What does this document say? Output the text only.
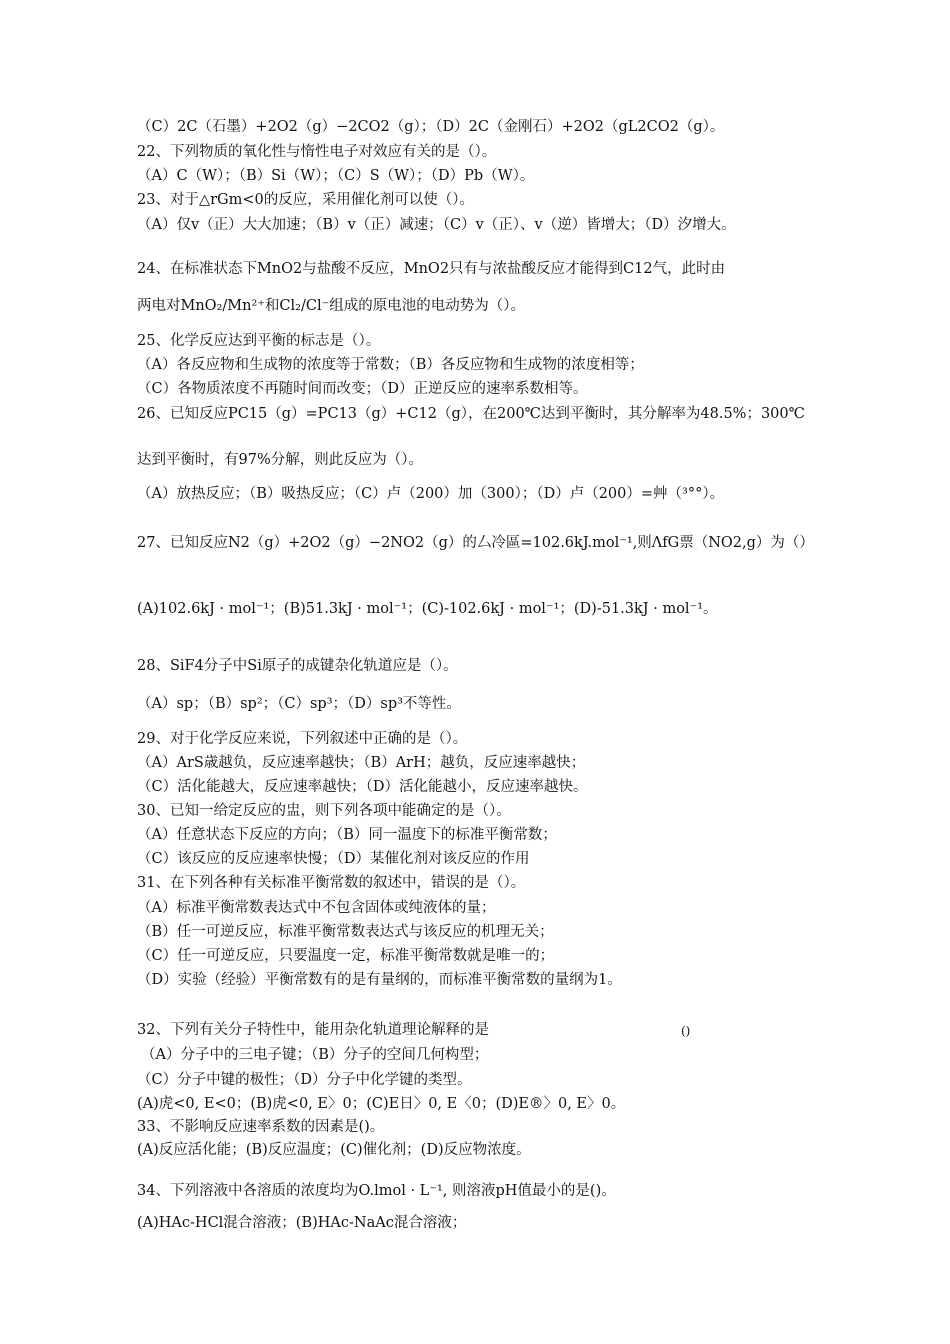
（C）2C（石墨）+2O2（g）−2CO2（g）；（D）2C（金刚石）+2O2（gL2CO2（g）。
22、下列物质的氧化性与惰性电子对效应有关的是（）。
（A）C（W）；（B）Si（W）；（C）S（W）；（D）Pb（W）。
23、对于△rGm<0的反应，采用催化剂可以使（）。
（A）仅v（正）大大加速；（B）v（正）减速；（C）v（正）、v（逆）皆增大；（D）汐增大。
24、在标准状态下MnO2与盐酸不反应，MnO2只有与浓盐酸反应才能得到C12气，此时由
两电对MnO₂/Mn²⁺和Cl₂/Cl⁻组成的原电池的电动势为（）。
25、化学反应达到平衡的标志是（）。
（A）各反应物和生成物的浓度等于常数；（B）各反应物和生成物的浓度相等；
（C）各物质浓度不再随时间而改变；（D）正逆反应的速率系数相等。
26、已知反应PC15（g）=PC13（g）+C12（g），在200℃达到平衡时，其分解率为48.5%；300℃
达到平衡时，有97%分解，则此反应为（）。
（A）放热反应；（B）吸热反应；（C）卢（200）加（300）；（D）卢（200）=艸（³°°）。
27、已知反应N2（g）+2O2（g）−2NO2（g）的厶冷區=102.6kJ.mol⁻¹,则ΛfG票（NO2,g）为（）
(A)102.6kJ · mol⁻¹；(B)51.3kJ · mol⁻¹；(C)-102.6kJ · mol⁻¹；(D)-51.3kJ · mol⁻¹。
28、SiF4分子中Si原子的成键杂化轨道应是（）。
（A）sp；（B）sp²；（C）sp³；（D）sp³不等性。
29、对于化学反应来说，下列叙述中正确的是（）。
（A）ArS歳越负，反应速率越快；（B）ArH；越负，反应速率越快；
（C）活化能越大，反应速率越快；（D）活化能越小，反应速率越快。
30、已知一给定反应的盅，则下列各项中能确定的是（）。
（A）任意状态下反应的方向；（B）同一温度下的标准平衡常数；
（C）该反应的反应速率快慢；（D）某催化剂对该反应的作用
31、在下列各种有关标准平衡常数的叙述中，错误的是（）。
（A）标准平衡常数表达式中不包含固体或纯液体的量；
（B）任一可逆反应，标准平衡常数表达式与该反应的机理无关；
（C）任一可逆反应，只要温度一定，标准平衡常数就是唯一的；
（D）实验（经验）平衡常数有的是有量纲的，而标准平衡常数的量纲为1。
32、下列有关分子特性中，能用杂化轨道理论解释的是	()
（A）分子中的三电子键；（B）分子的空间几何构型；
（C）分子中键的极性；（D）分子中化学键的类型。
(A)虎<0, E<0；(B)虎<0, E〉0；(C)E日〉0, E〈0；(D)E®〉0, E〉0。
33、不影响反应速率系数的因素是()。
(A)反应活化能；(B)反应温度；(C)催化剂；(D)反应物浓度。
34、下列溶液中各溶质的浓度均为O.lmol · L⁻¹, 则溶液pH值最小的是()。
(A)HAc-HCl混合溶液；(B)HAc-NaAc混合溶液；
